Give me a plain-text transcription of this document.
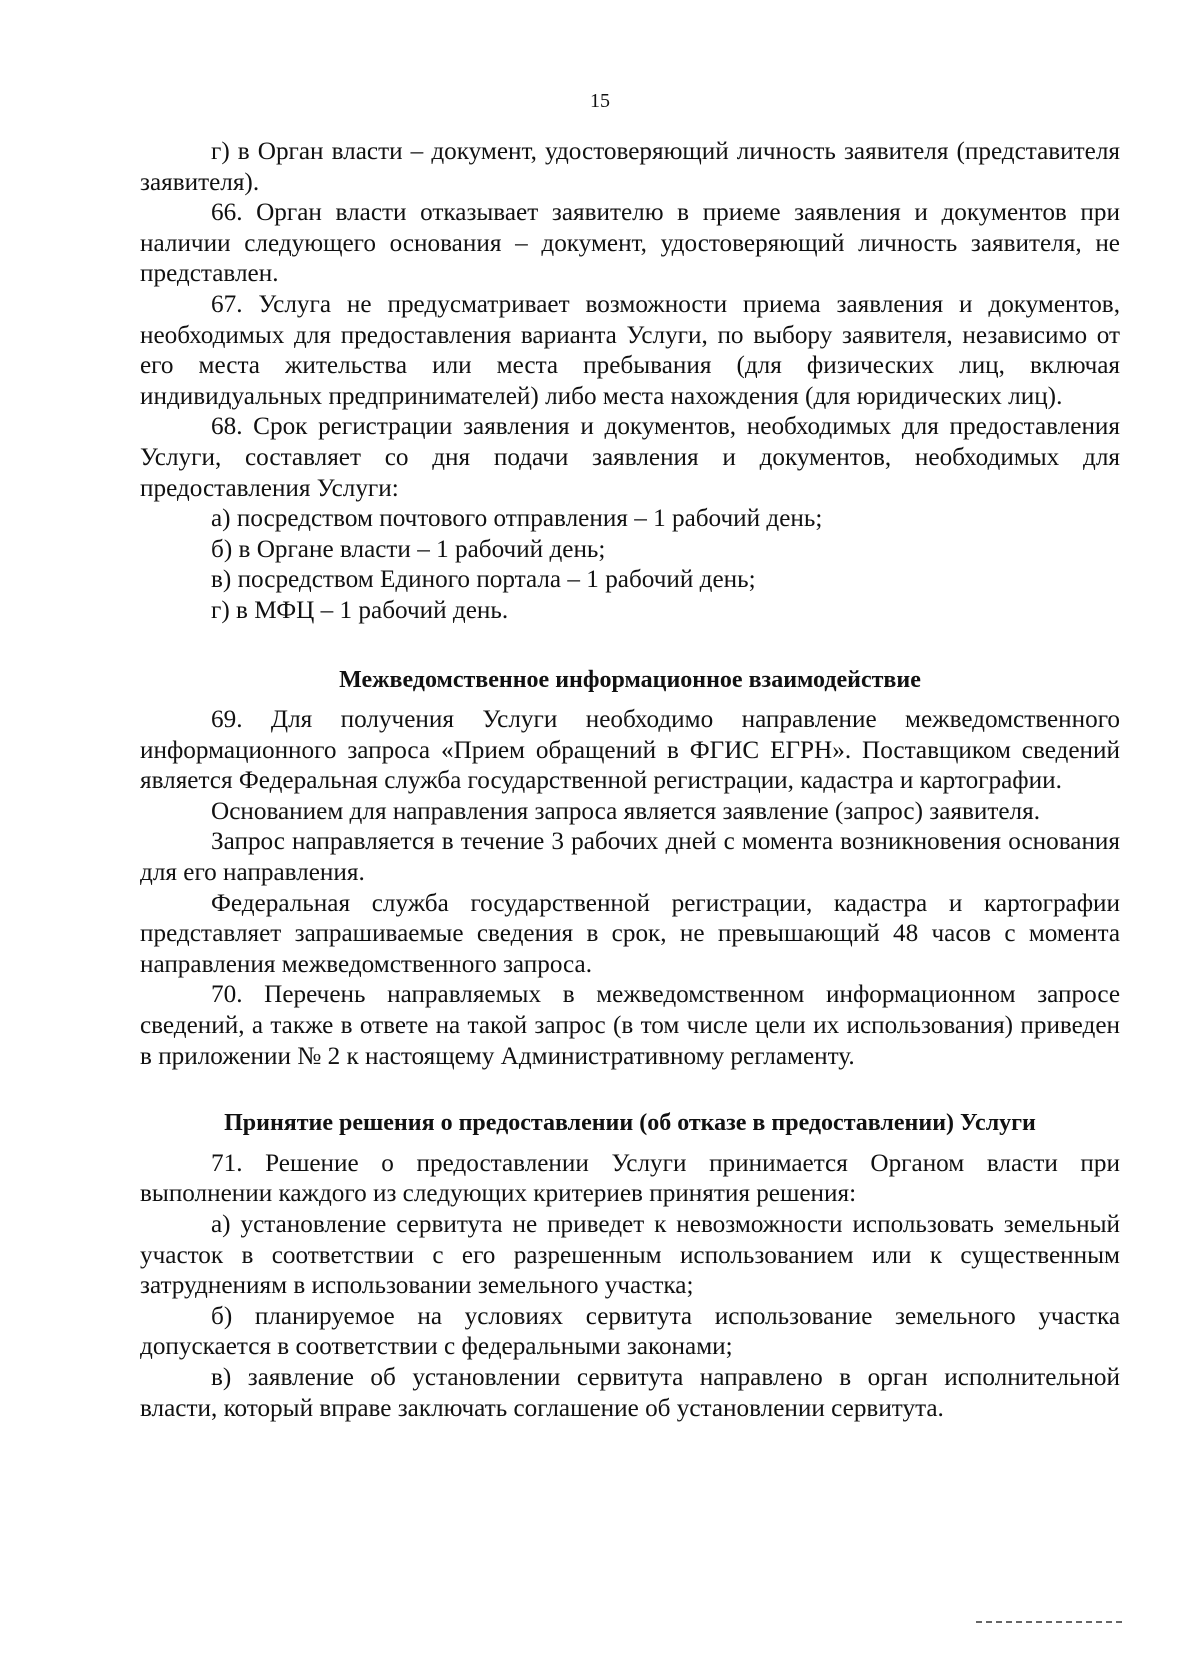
15

г) в Орган власти – документ, удостоверяющий личность заявителя (представителя заявителя).

66. Орган власти отказывает заявителю в приеме заявления и документов при наличии следующего основания – документ, удостоверяющий личность заявителя, не представлен.

67. Услуга не предусматривает возможности приема заявления и документов, необходимых для предоставления варианта Услуги, по выбору заявителя, независимо от его места жительства или места пребывания (для физических лиц, включая индивидуальных предпринимателей) либо места нахождения (для юридических лиц).

68. Срок регистрации заявления и документов, необходимых для предоставления Услуги, составляет со дня подачи заявления и документов, необходимых для предоставления Услуги:

а) посредством почтового отправления – 1 рабочий день;

б) в Органе власти – 1 рабочий день;

в) посредством Единого портала – 1 рабочий день;

г) в МФЦ – 1 рабочий день.

Межведомственное информационное взаимодействие

69. Для получения Услуги необходимо направление межведомственного информационного запроса «Прием обращений в ФГИС ЕГРН». Поставщиком сведений является Федеральная служба государственной регистрации, кадастра и картографии.

Основанием для направления запроса является заявление (запрос) заявителя.

Запрос направляется в течение 3 рабочих дней с момента возникновения основания для его направления.

Федеральная служба государственной регистрации, кадастра и картографии представляет запрашиваемые сведения в срок, не превышающий 48 часов с момента направления межведомственного запроса.

70. Перечень направляемых в межведомственном информационном запросе сведений, а также в ответе на такой запрос (в том числе цели их использования) приведен в приложении № 2 к настоящему Административному регламенту.

Принятие решения о предоставлении (об отказе в предоставлении) Услуги

71. Решение о предоставлении Услуги принимается Органом власти при выполнении каждого из следующих критериев принятия решения:

а) установление сервитута не приведет к невозможности использовать земельный участок в соответствии с его разрешенным использованием или к существенным затруднениям в использовании земельного участка;

б) планируемое на условиях сервитута использование земельного участка допускается в соответствии с федеральными законами;

в) заявление об установлении сервитута направлено в орган исполнительной власти, который вправе заключать соглашение об установлении сервитута.
